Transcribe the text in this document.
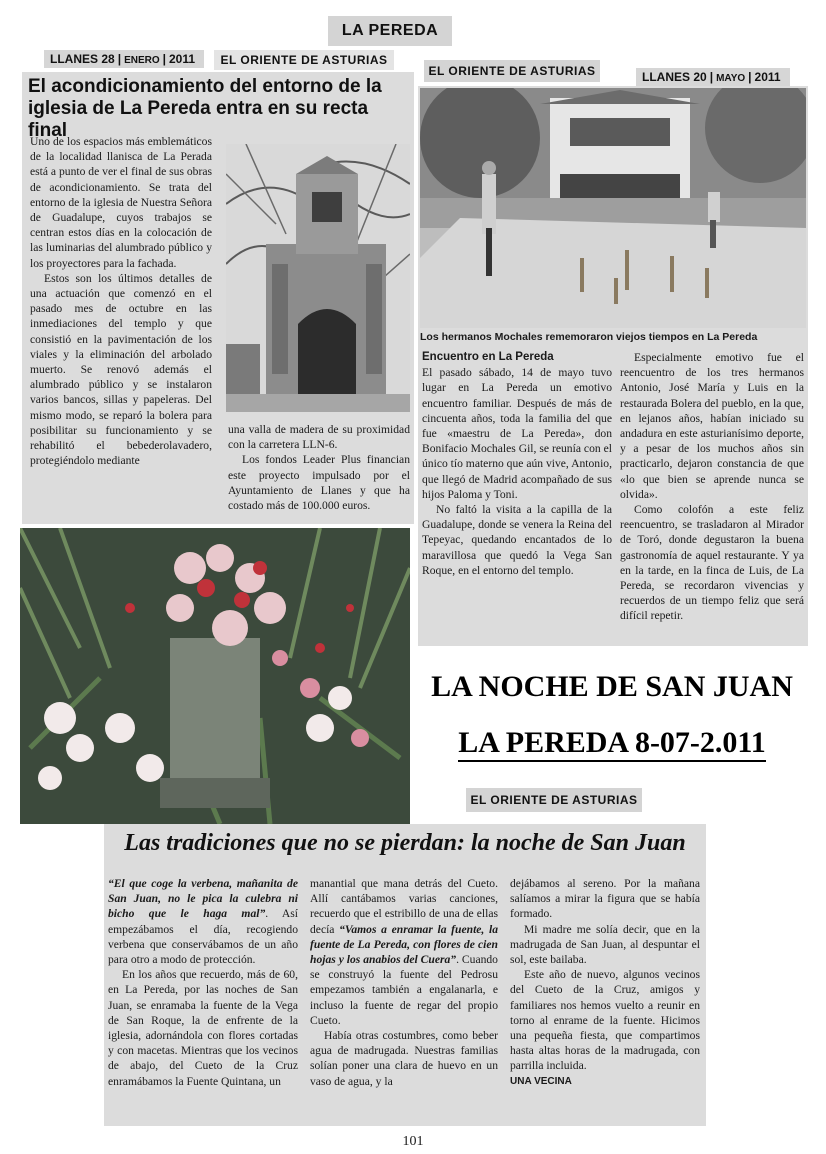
LA PEREDA
LLANES 28 | ENERO | 2011	EL ORIENTE DE ASTURIAS
El acondicionamiento del entorno de la iglesia de La Pereda entra en su recta final

Uno de los espacios más emblemáticos de la localidad llanisca de La Perada está a punto de ver el final de sus obras de acondicionamiento. Se trata del entorno de la iglesia de Nuestra Señora de Guadalupe, cuyos trabajos se centran estos días en la colocación de las luminarias del alumbrado público y los proyectores para la fachada.

Estos son los últimos detalles de una actuación que comenzó en el pasado mes de octubre en las inmediaciones del templo y que consistió en la pavimentación de los viales y la eliminación del arbolado muerto. Se renovó además el alumbrado público y se instalaron varios bancos, sillas y papeleras. Del mismo modo, se reparó la bolera para posibilitar su funcionamiento y se rehabilitó el bebederolavadero, protegiéndolo mediante

una valla de madera de su proximidad con la carretera LLN-6.

Los fondos Leader Plus financian este proyecto impulsado por el Ayuntamiento de Llanes y que ha costado más de 100.000 euros.

EL ORIENTE DE ASTURIAS	LLANES 20 | MAYO | 2011
Los hermanos Mochales rememoraron viejos tiempos en La Pereda

Encuentro en La Pereda

El pasado sábado, 14 de mayo tuvo lugar en La Pereda un emotivo encuentro familiar. Después de más de cincuenta años, toda la familia del que fue «maestru de La Pereda», don Bonifacio Mochales Gil, se reunía con el único tío materno que aún vive, Antonio, que llegó de Madrid acompañado de sus hijos Paloma y Toni.

No faltó la visita a la capilla de la Guadalupe, donde se venera la Reina del Tepeyac, quedando encantados de lo maravillosa que quedó la Vega San Roque, en el entorno del templo.

Especialmente emotivo fue el reencuentro de los tres hermanos Antonio, José María y Luis en la restaurada Bolera del pueblo, en la que, en lejanos años, habían iniciado su andadura en este asturianísimo deporte, y a pesar de los muchos años sin practicarlo, dejaron constancia de que «lo que bien se aprende nunca se olvida».

Como colofón a este feliz reencuentro, se trasladaron al Mirador de Toró, donde degustaron la buena gastronomía de aquel restaurante. Y ya en la tarde, en la finca de Luis, de La Pereda, se recordaron vivencias y recuerdos de un tiempo feliz que será difícil repetir.

LA NOCHE DE SAN JUAN
LA PEREDA 8-07-2.011
EL ORIENTE DE ASTURIAS
Las tradiciones que no se pierdan: la noche de San Juan

“El que coge la verbena, mañanita de San Juan, no le pica la culebra ni bicho que le haga mal”. Así empezábamos el día, recogiendo verbena que conservábamos de un año para otro a modo de protección.

En los años que recuerdo, más de 60, en La Pereda, por las noches de San Juan, se enramaba la fuente de la Vega de San Roque, la de enfrente de la iglesia, adornándola con flores cortadas y con macetas. Mientras que los vecinos de abajo, del Cueto de la Cruz enramábamos la Fuente Quintana, un

manantial que mana detrás del Cueto. Allí cantábamos varias canciones, recuerdo que el estribillo de una de ellas decía “Vamos a enramar la fuente, la fuente de La Pereda, con flores de cien hojas y los anabios del Cuera”. Cuando se construyó la fuente del Pedrosu empezamos también a engalanarla, e incluso la fuente de regar del propio Cueto.

Había otras costumbres, como beber agua de madrugada. Nuestras familias solían poner una clara de huevo en un vaso de agua, y la

dejábamos al sereno. Por la mañana salíamos a mirar la figura que se había formado.

Mi madre me solía decir, que en la madrugada de San Juan, al despuntar el sol, este bailaba.

Este año de nuevo, algunos vecinos del Cueto de la Cruz, amigos y familiares nos hemos vuelto a reunir en torno al enrame de la fuente. Hicimos una pequeña fiesta, que compartimos hasta altas horas de la madrugada, con parrilla incluida.

UNA VECINA

101
